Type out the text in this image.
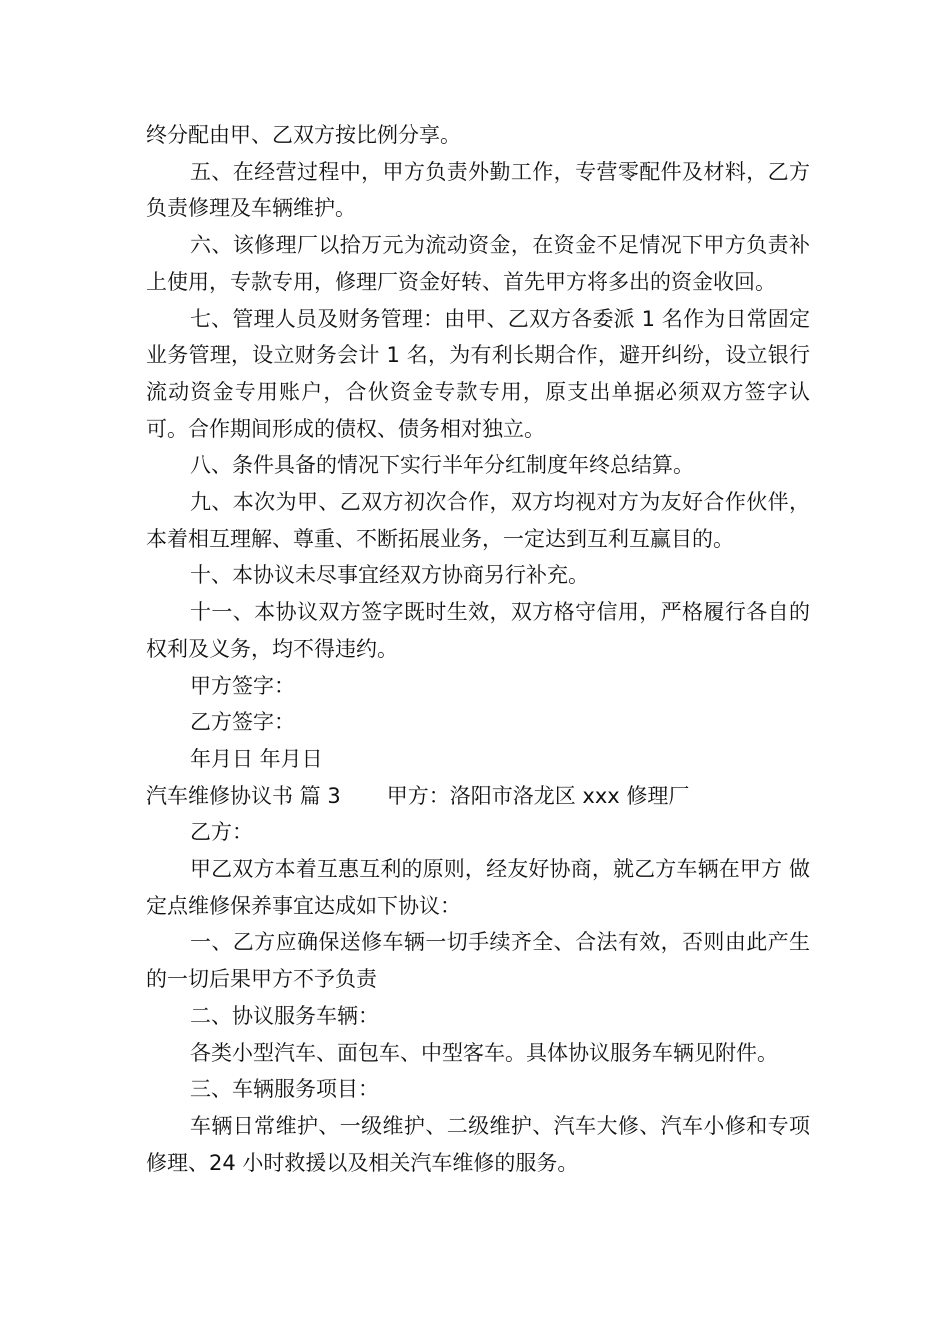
终分配由甲、乙双方按比例分享。

五、在经营过程中，甲方负责外勤工作，专营零配件及材料，乙方负责修理及车辆维护。

六、该修理厂以拾万元为流动资金，在资金不足情况下甲方负责补上使用，专款专用，修理厂资金好转、首先甲方将多出的资金收回。

七、管理人员及财务管理：由甲、乙双方各委派 1 名作为日常固定业务管理，设立财务会计 1 名，为有利长期合作，避开纠纷，设立银行流动资金专用账户，合伙资金专款专用，原支出单据必须双方签字认可。合作期间形成的债权、债务相对独立。

八、条件具备的情况下实行半年分红制度年终总结算。

九、本次为甲、乙双方初次合作，双方均视对方为友好合作伙伴，本着相互理解、尊重、不断拓展业务，一定达到互利互赢目的。

十、本协议未尽事宜经双方协商另行补充。

十一、本协议双方签字既时生效，双方格守信用，严格履行各自的权利及义务，均不得违约。

甲方签字：

乙方签字：

年月日 年月日

汽车维修协议书 篇 3 甲方：洛阳市洛龙区 xxx 修理厂

乙方：

甲乙双方本着互惠互利的原则，经友好协商，就乙方车辆在甲方 做定点维修保养事宜达成如下协议：

一、乙方应确保送修车辆一切手续齐全、合法有效，否则由此产生的一切后果甲方不予负责

二、协议服务车辆：

各类小型汽车、面包车、中型客车。具体协议服务车辆见附件。

三、车辆服务项目：

车辆日常维护、一级维护、二级维护、汽车大修、汽车小修和专项修理、24 小时救援以及相关汽车维修的服务。
